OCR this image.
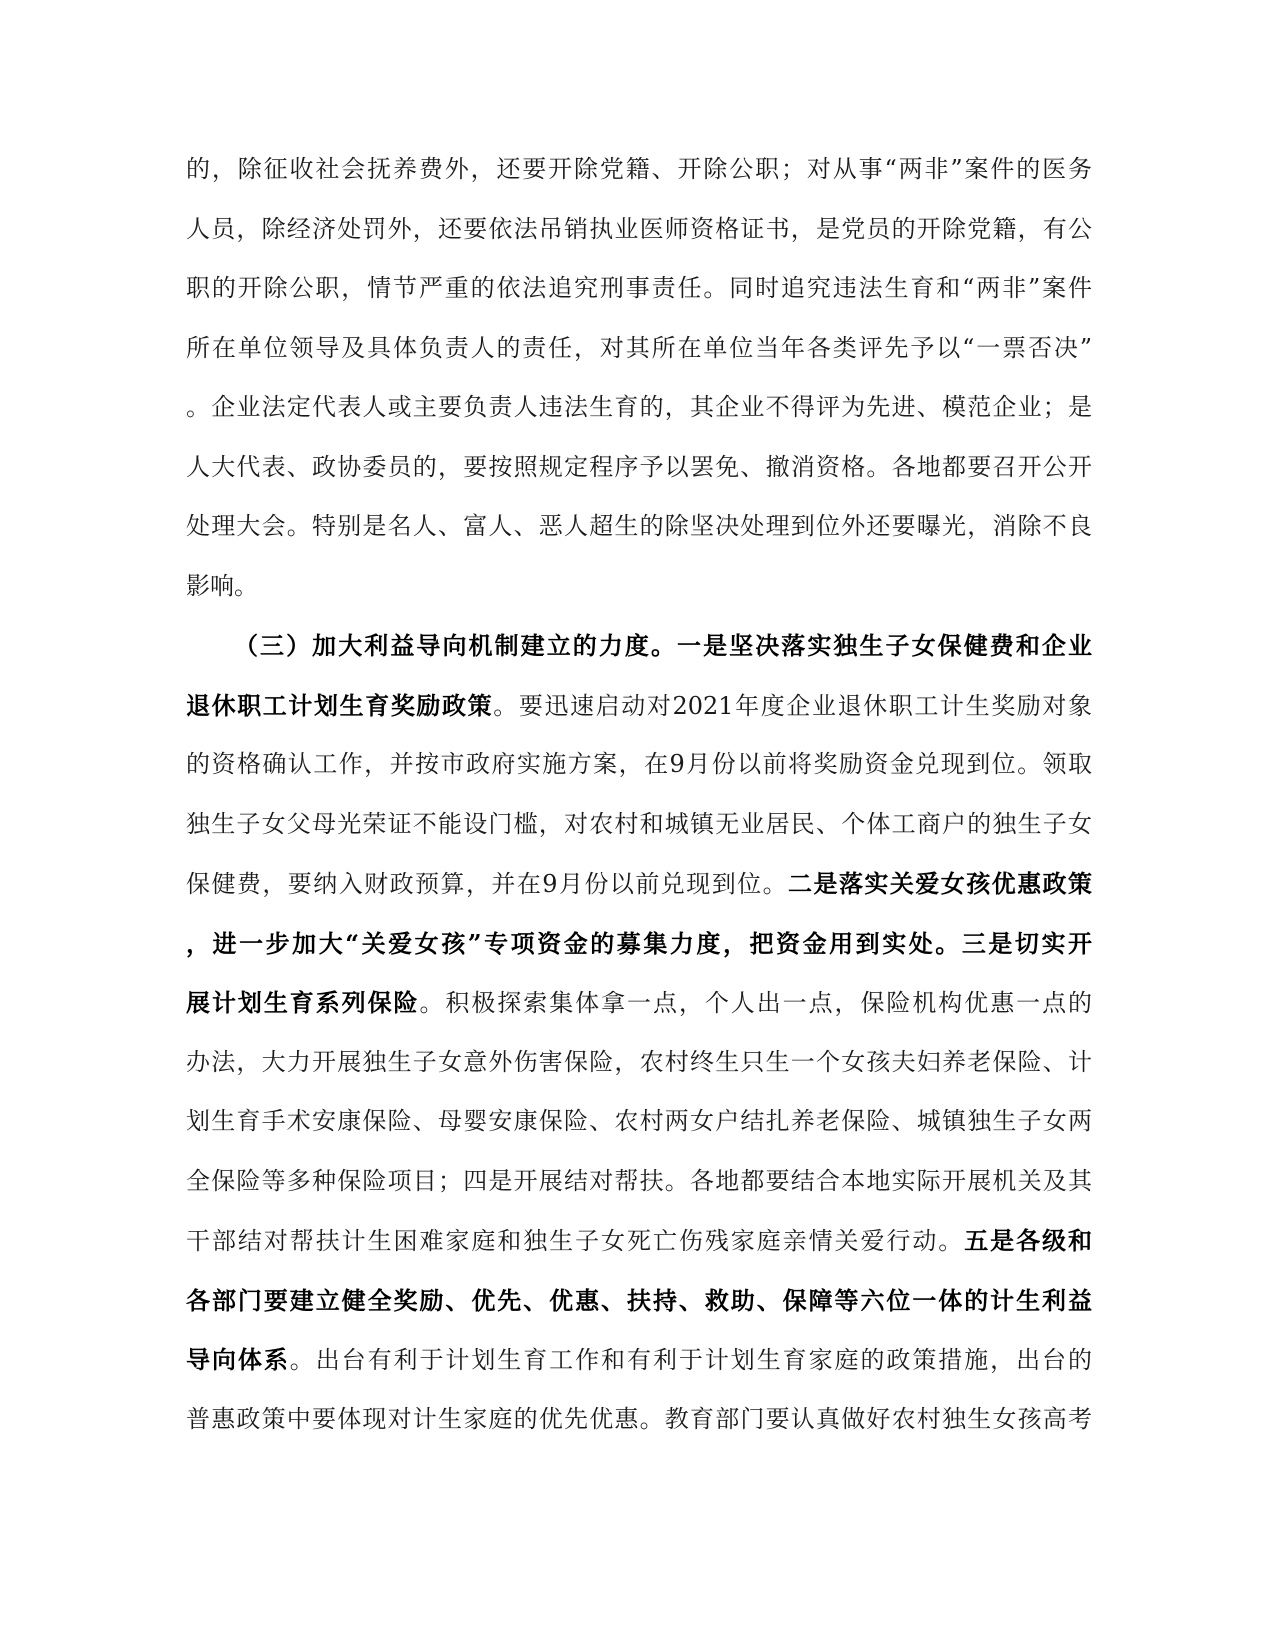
的，除征收社会抚养费外，还要开除党籍、开除公职；对从事“两非”案件的医务
人员，除经济处罚外，还要依法吊销执业医师资格证书，是党员的开除党籍，有公
职的开除公职，情节严重的依法追究刑事责任。同时追究违法生育和“两非”案件
所在单位领导及具体负责人的责任，对其所在单位当年各类评先予以“一票否决”
。企业法定代表人或主要负责人违法生育的，其企业不得评为先进、模范企业；是
人大代表、政协委员的，要按照规定程序予以罢免、撤消资格。各地都要召开公开
处理大会。特别是名人、富人、恶人超生的除坚决处理到位外还要曝光，消除不良
影响。
（三）加大利益导向机制建立的力度。一是坚决落实独生子女保健费和企业
退休职工计划生育奖励政策。要迅速启动对2021年度企业退休职工计生奖励对象
的资格确认工作，并按市政府实施方案，在9月份以前将奖励资金兑现到位。领取
独生子女父母光荣证不能设门槛，对农村和城镇无业居民、个体工商户的独生子女
保健费，要纳入财政预算，并在9月份以前兑现到位。二是落实关爱女孩优惠政策
，进一步加大“关爱女孩”专项资金的募集力度，把资金用到实处。三是切实开
展计划生育系列保险。积极探索集体拿一点，个人出一点，保险机构优惠一点的
办法，大力开展独生子女意外伤害保险，农村终生只生一个女孩夫妇养老保险、计
划生育手术安康保险、母婴安康保险、农村两女户结扎养老保险、城镇独生子女两
全保险等多种保险项目；四是开展结对帮扶。各地都要结合本地实际开展机关及其
干部结对帮扶计生困难家庭和独生子女死亡伤残家庭亲情关爱行动。五是各级和
各部门要建立健全奖励、优先、优惠、扶持、救助、保障等六位一体的计生利益
导向体系。出台有利于计划生育工作和有利于计划生育家庭的政策措施，出台的
普惠政策中要体现对计生家庭的优先优惠。教育部门要认真做好农村独生女孩高考
